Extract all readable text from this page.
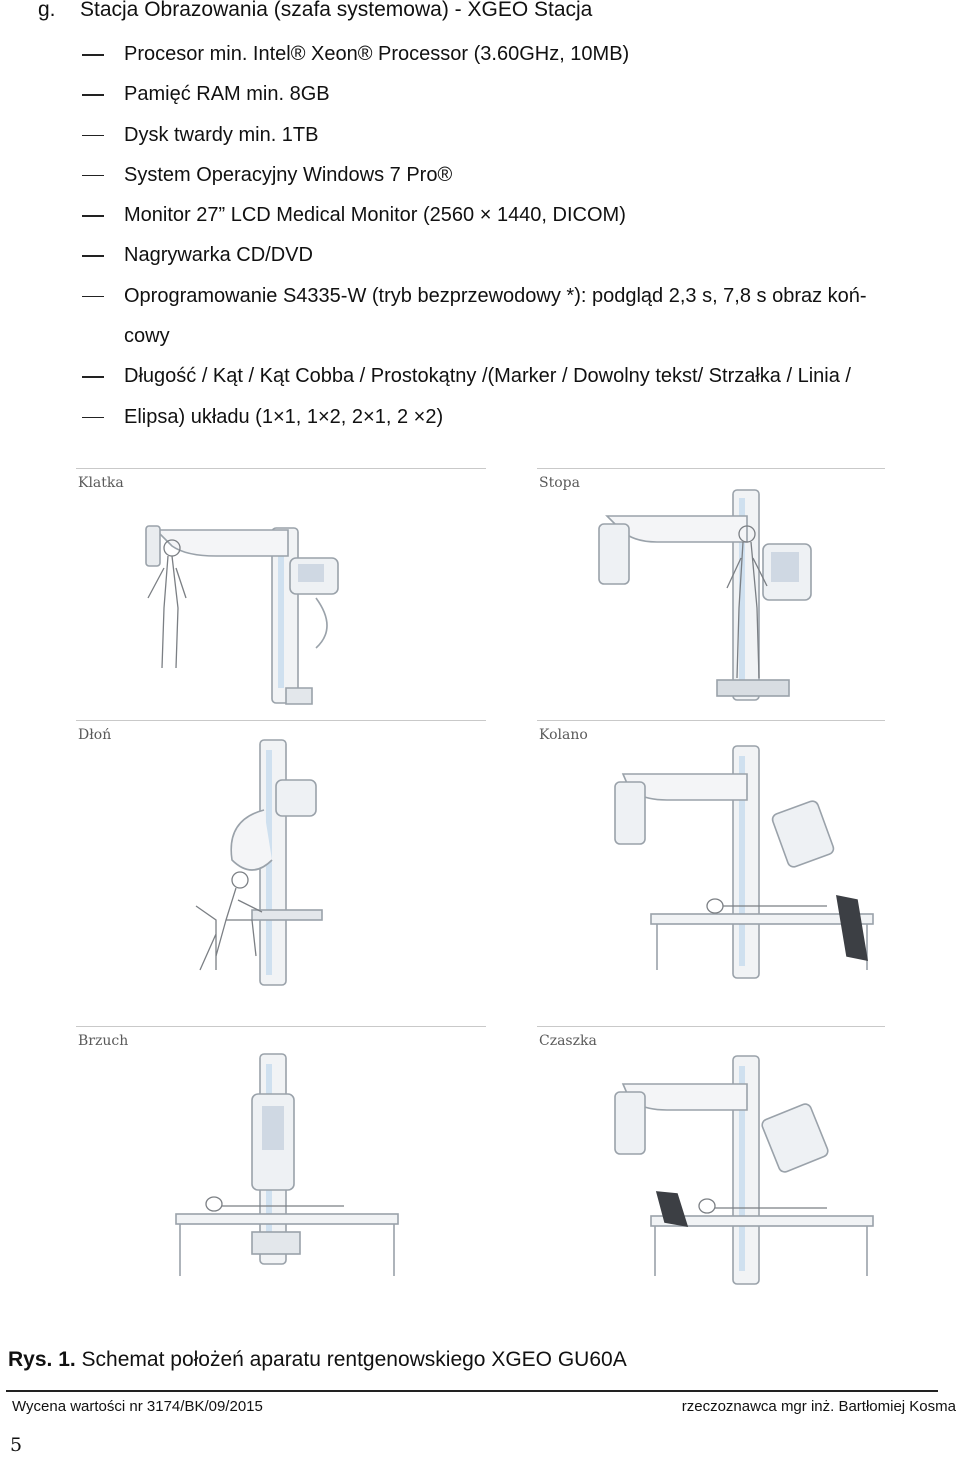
g. Stacja Obrazowania (szafa systemowa) - XGEO Stacja
Procesor min. Intel® Xeon® Processor (3.60GHz, 10MB)
Pamięć RAM min. 8GB
Dysk twardy min. 1TB
System Operacyjny Windows 7 Pro®
Monitor 27” LCD Medical Monitor (2560 × 1440, DICOM)
Nagrywarka CD/DVD
Oprogramowanie S4335-W (tryb bezprzewodowy *): podgląd 2,3 s, 7,8 s obraz koń-
cowy
Długość / Kąt / Kąt Cobba / Prostokątny /(Marker / Dowolny tekst/ Strzałka / Linia /
Elipsa) układu (1×1, 1×2, 2×1, 2 ×2)
Klatka	Stopa
Dłoń	Kolano
Brzuch	Czaszka
Rys. 1. Schemat położeń aparatu rentgenowskiego XGEO GU60A
Wycena wartości nr 3174/BK/09/2015	rzeczoznawca mgr inż. Bartłomiej Kosma
5
